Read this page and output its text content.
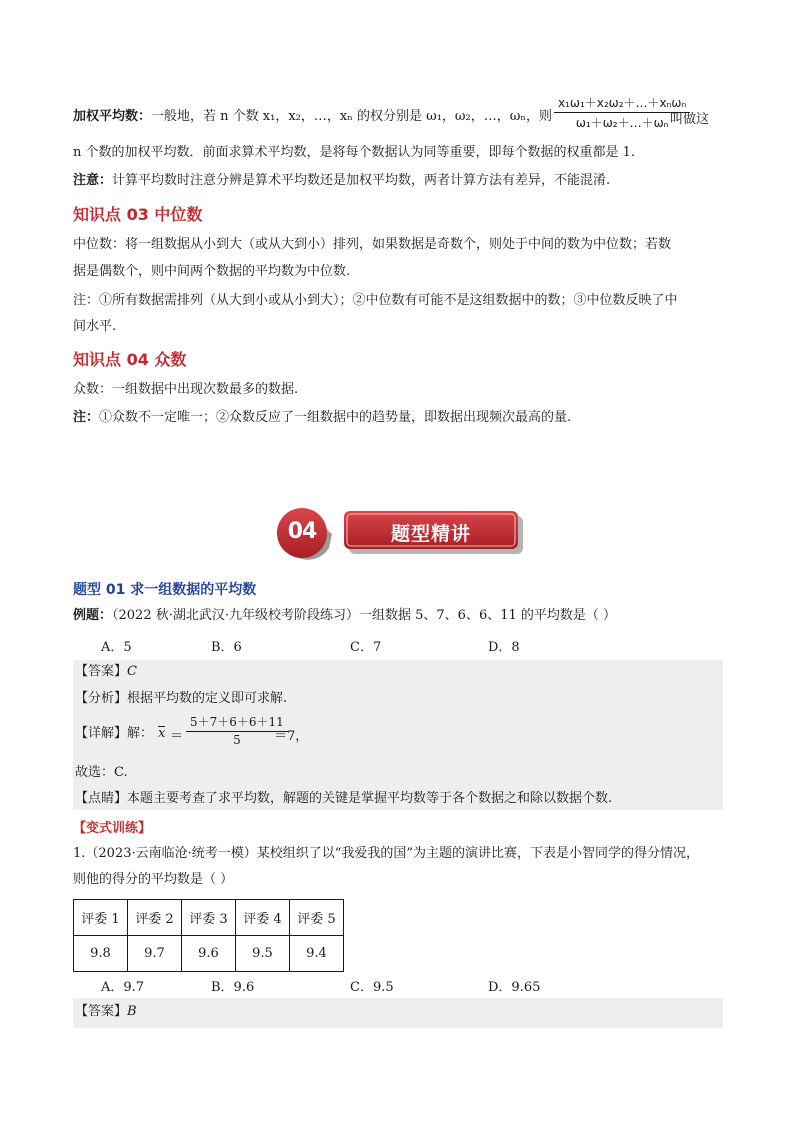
加权平均数：一般地，若 n 个数 x₁，x₂，…，xₙ 的权分别是 ω₁，ω₂，…，ωₙ，则
x₁ω₁＋x₂ω₂＋…＋xₙωₙ
ω₁＋ω₂＋…＋ωₙ 叫做这
n 个数的加权平均数．前面求算术平均数，是将每个数据认为同等重要，即每个数据的权重都是 1.
注意：计算平均数时注意分辨是算术平均数还是加权平均数，两者计算方法有差异，不能混淆.
知识点 03 中位数
中位数：将一组数据从小到大（或从大到小）排列，如果数据是奇数个，则处于中间的数为中位数；若数
据是偶数个，则中间两个数据的平均数为中位数.
注：①所有数据需排列（从大到小或从小到大）；②中位数有可能不是这组数据中的数；③中位数反映了中
间水平.
知识点 04 众数
众数：一组数据中出现次数最多的数据.
注：①众数不一定唯一；②众数反应了一组数据中的趋势量，即数据出现频次最高的量.
04	题型精讲
题型 01 求一组数据的平均数
例题：（2022 秋·湖北武汉·九年级校考阶段练习）一组数据 5、7、6、6、11 的平均数是（ ）
A．5	B．6	C．7	D．8
【答案】C
【分析】根据平均数的定义即可求解.
【详解】解： $x = \frac{5+7+6+6+11}{5}$
＝7，
故选：C.
【点睛】本题主要考查了求平均数，解题的关键是掌握平均数等于各个数据之和除以数据个数.
【变式训练】
1.（2023·云南临沧·统考一模）某校组织了以“我爱我的国”为主题的演讲比赛，下表是小智同学的得分情况，
则他的得分的平均数是（ ）
评委 1	评委 2	评委 3	评委 4	评委 5
9.8	9.7	9.6	9.5	9.4
A．9.7	B．9.6	C．9.5	D．9.65
【答案】B
